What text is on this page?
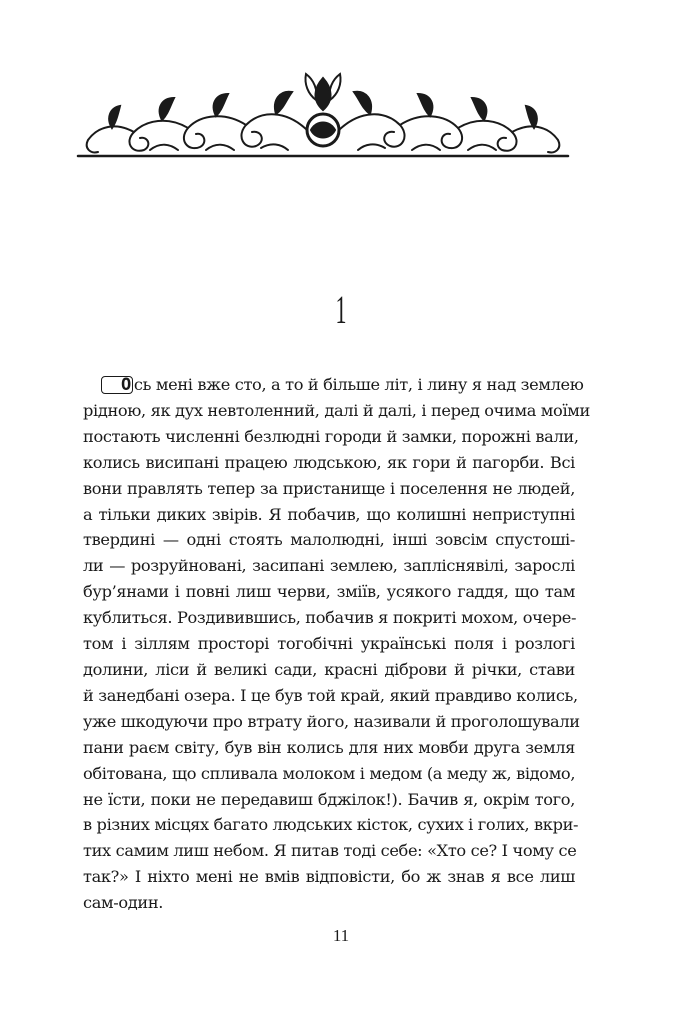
1
О сь мені вже сто, а то й більше літ, і лину я над землею
рідною, як дух невтоленний, далі й далі, і перед очима моїми
постають численні безлюдні городи й замки, порожні вали,
колись висипані працею людською, як гори й пагорби. Всі
вони правлять тепер за пристанище і поселення не людей,
а тільки диких звірів. Я побачив, що колишні неприступні
твердині — одні стоять малолюдні, інші зовсім спустоші-
ли — розруйновані, засипані землею, запліснявілі, зарослі
бур’янами і повні лиш черви, зміїв, усякого гаддя, що там
кублиться. Роздивившись, побачив я покриті мохом, очере-
том і зіллям просторі тогобічні українські поля і розлогі
долини, ліси й великі сади, красні діброви й річки, стави
й занедбані озера. І це був той край, який правдиво колись,
уже шкодуючи про втрату його, називали й проголошували
пани раєм світу, був він колись для них мовби друга земля
обітована, що спливала молоком і медом (а меду ж, відомо,
не їсти, поки не передавиш бджілок!). Бачив я, окрім того,
в різних місцях багато людських кісток, сухих і голих, вкри-
тих самим лиш небом. Я питав тоді себе: «Хто се? І чому се
так?» І ніхто мені не вмів відповісти, бо ж знав я все лиш
сам-один.
11
